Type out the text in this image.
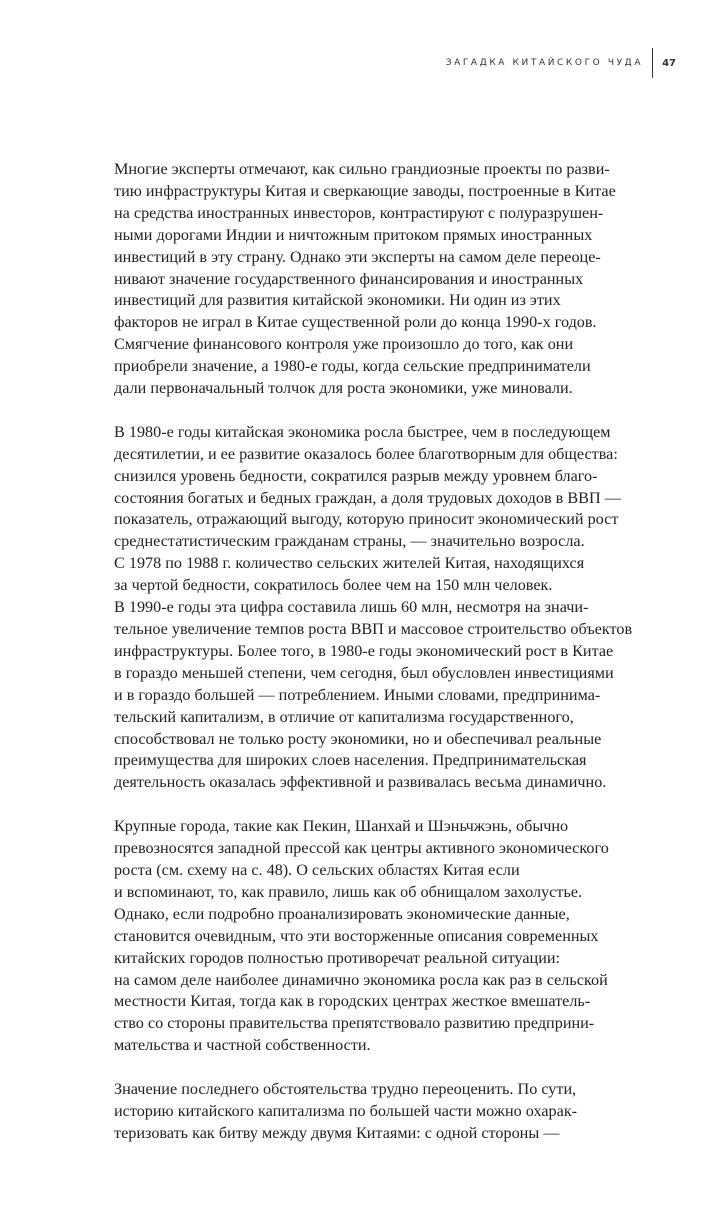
ЗАГАДКА КИТАЙСКОГО ЧУДА	47

Многие эксперты отмечают, как сильно грандиозные проекты по разви-
тию инфраструктуры Китая и сверкающие заводы, построенные в Китае
на средства иностранных инвесторов, контрастируют с полуразрушен-
ными дорогами Индии и ничтожным притоком прямых иностранных
инвестиций в эту страну. Однако эти эксперты на самом деле переоце-
нивают значение государственного финансирования и иностранных
инвестиций для развития китайской экономики. Ни один из этих
факторов не играл в Китае существенной роли до конца 1990-х годов.
Смягчение финансового контроля уже произошло до того, как они
приобрели значение, а 1980-е годы, когда сельские предприниматели
дали первоначальный толчок для роста экономики, уже миновали.

В 1980-е годы китайская экономика росла быстрее, чем в последующем
десятилетии, и ее развитие оказалось более благотворным для общества:
снизился уровень бедности, сократился разрыв между уровнем благо-
состояния богатых и бедных граждан, а доля трудовых доходов в ВВП —
показатель, отражающий выгоду, которую приносит экономический рост
среднестатистическим гражданам страны, — значительно возросла.
С 1978 по 1988 г. количество сельских жителей Китая, находящихся
за чертой бедности, сократилось более чем на 150 млн человек.
В 1990-е годы эта цифра составила лишь 60 млн, несмотря на значи-
тельное увеличение темпов роста ВВП и массовое строительство объектов
инфраструктуры. Более того, в 1980-е годы экономический рост в Китае
в гораздо меньшей степени, чем сегодня, был обусловлен инвестициями
и в гораздо большей — потреблением. Иными словами, предпринима-
тельский капитализм, в отличие от капитализма государственного,
способствовал не только росту экономики, но и обеспечивал реальные
преимущества для широких слоев населения. Предпринимательская
деятельность оказалась эффективной и развивалась весьма динамично.

Крупные города, такие как Пекин, Шанхай и Шэньчжэнь, обычно
превозносятся западной прессой как центры активного экономического
роста (см. схему на с. 48). О сельских областях Китая если
и вспоминают, то, как правило, лишь как об обнищалом захолустье.
Однако, если подробно проанализировать экономические данные,
становится очевидным, что эти восторженные описания современных
китайских городов полностью противоречат реальной ситуации:
на самом деле наиболее динамично экономика росла как раз в сельской
местности Китая, тогда как в городских центрах жесткое вмешатель-
ство со стороны правительства препятствовало развитию предприни-
мательства и частной собственности.

Значение последнего обстоятельства трудно переоценить. По сути,
историю китайского капитализма по большей части можно охарак-
теризовать как битву между двумя Китаями: с одной стороны —
